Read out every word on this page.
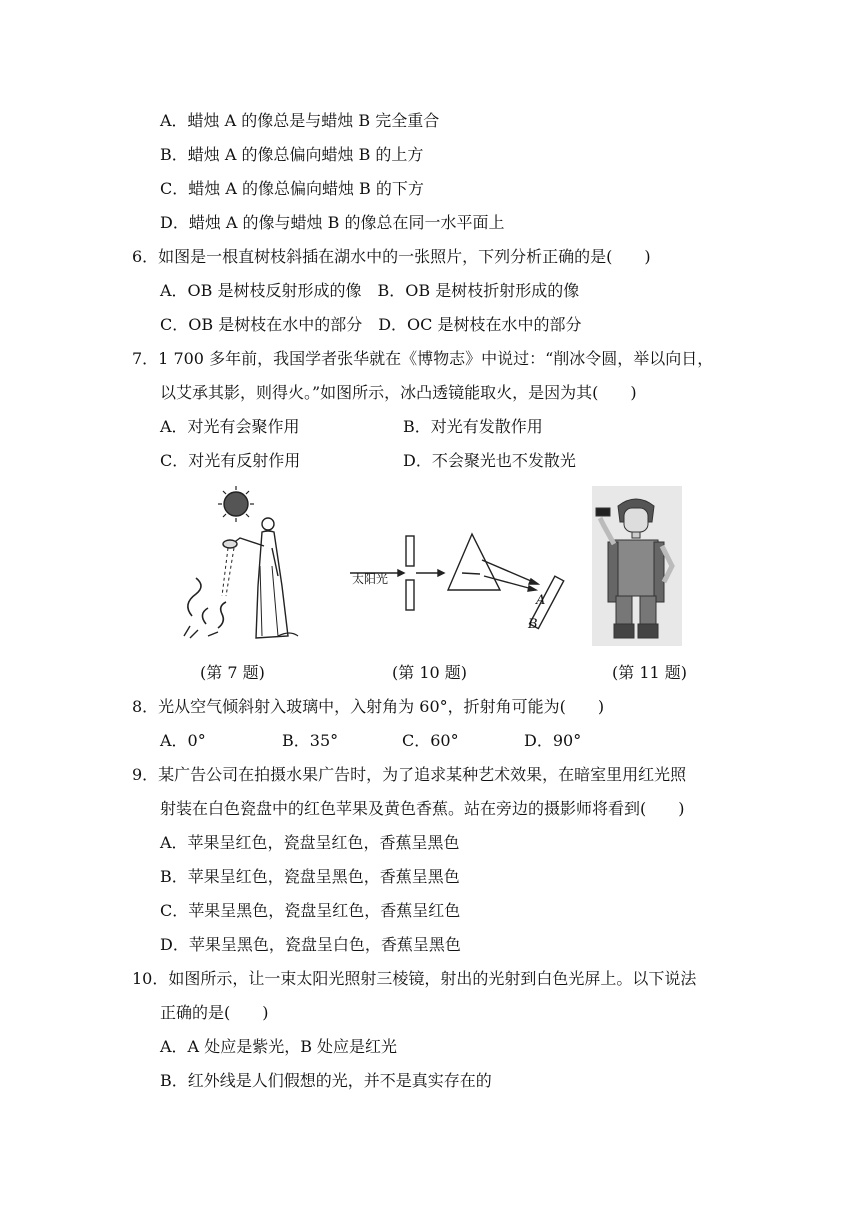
A．蜡烛 A 的像总是与蜡烛 B 完全重合
B．蜡烛 A 的像总偏向蜡烛 B 的上方
C．蜡烛 A 的像总偏向蜡烛 B 的下方
D．蜡烛 A 的像与蜡烛 B 的像总在同一水平面上
6．如图是一根直树枝斜插在湖水中的一张照片，下列分析正确的是(　　)
A．OB 是树枝反射形成的像　B．OB 是树枝折射形成的像
C．OB 是树枝在水中的部分　D．OC 是树枝在水中的部分
7．1 700 多年前，我国学者张华就在《博物志》中说过：“削冰令圆，举以向日，
以艾承其影，则得火。”如图所示，冰凸透镜能取火，是因为其(　　)
A．对光有会聚作用	B．对光有发散作用
C．对光有反射作用	D．不会聚光也不发散光
(第 7 题)
太阳光
A
B
(第 10 题)	(第 11 题)
8．光从空气倾斜射入玻璃中，入射角为 60°，折射角可能为(　　)
A．0°	B．35°	C．60°	D．90°
9．某广告公司在拍摄水果广告时，为了追求某种艺术效果，在暗室里用红光照
射装在白色瓷盘中的红色苹果及黄色香蕉。站在旁边的摄影师将看到(　　)
A．苹果呈红色，瓷盘呈红色，香蕉呈黑色
B．苹果呈红色，瓷盘呈黑色，香蕉呈黑色
C．苹果呈黑色，瓷盘呈红色，香蕉呈红色
D．苹果呈黑色，瓷盘呈白色，香蕉呈黑色
10．如图所示，让一束太阳光照射三棱镜，射出的光射到白色光屏上。以下说法
正确的是(　　)
A．A 处应是紫光，B 处应是红光
B．红外线是人们假想的光，并不是真实存在的
